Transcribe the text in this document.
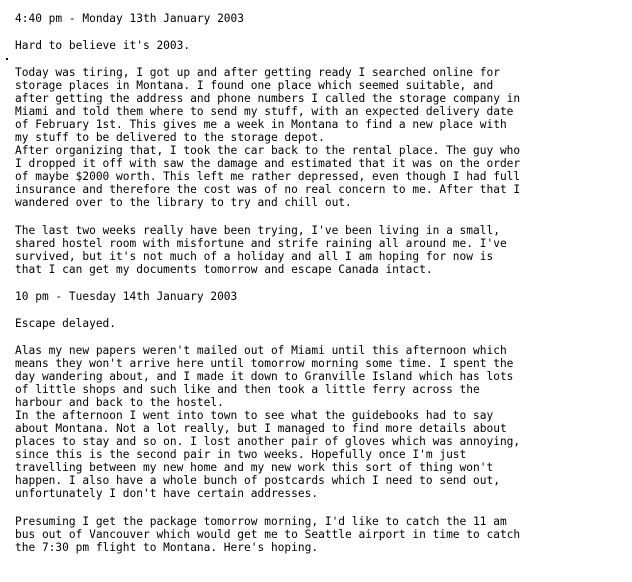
4:40 pm - Monday 13th January 2003
Hard to believe it's 2003.
Today was tiring, I got up and after getting ready I searched online for
storage places in Montana. I found one place which seemed suitable, and
after getting the address and phone numbers I called the storage company in
Miami and told them where to send my stuff, with an expected delivery date
of February 1st. This gives me a week in Montana to find a new place with
my stuff to be delivered to the storage depot.
After organizing that, I took the car back to the rental place. The guy who
I dropped it off with saw the damage and estimated that it was on the order
of maybe $2000 worth. This left me rather depressed, even though I had full
insurance and therefore the cost was of no real concern to me. After that I
wandered over to the library to try and chill out.
The last two weeks really have been trying, I've been living in a small,
shared hostel room with misfortune and strife raining all around me. I've
survived, but it's not much of a holiday and all I am hoping for now is
that I can get my documents tomorrow and escape Canada intact.
10 pm - Tuesday 14th January 2003
Escape delayed.
Alas my new papers weren't mailed out of Miami until this afternoon which
means they won't arrive here until tomorrow morning some time. I spent the
day wandering about, and I made it down to Granville Island which has lots
of little shops and such like and then took a little ferry across the
harbour and back to the hostel.
In the afternoon I went into town to see what the guidebooks had to say
about Montana. Not a lot really, but I managed to find more details about
places to stay and so on. I lost another pair of gloves which was annoying,
since this is the second pair in two weeks. Hopefully once I'm just
travelling between my new home and my new work this sort of thing won't
happen. I also have a whole bunch of postcards which I need to send out,
unfortunately I don't have certain addresses.
Presuming I get the package tomorrow morning, I'd like to catch the 11 am
bus out of Vancouver which would get me to Seattle airport in time to catch
the 7:30 pm flight to Montana. Here's hoping.
